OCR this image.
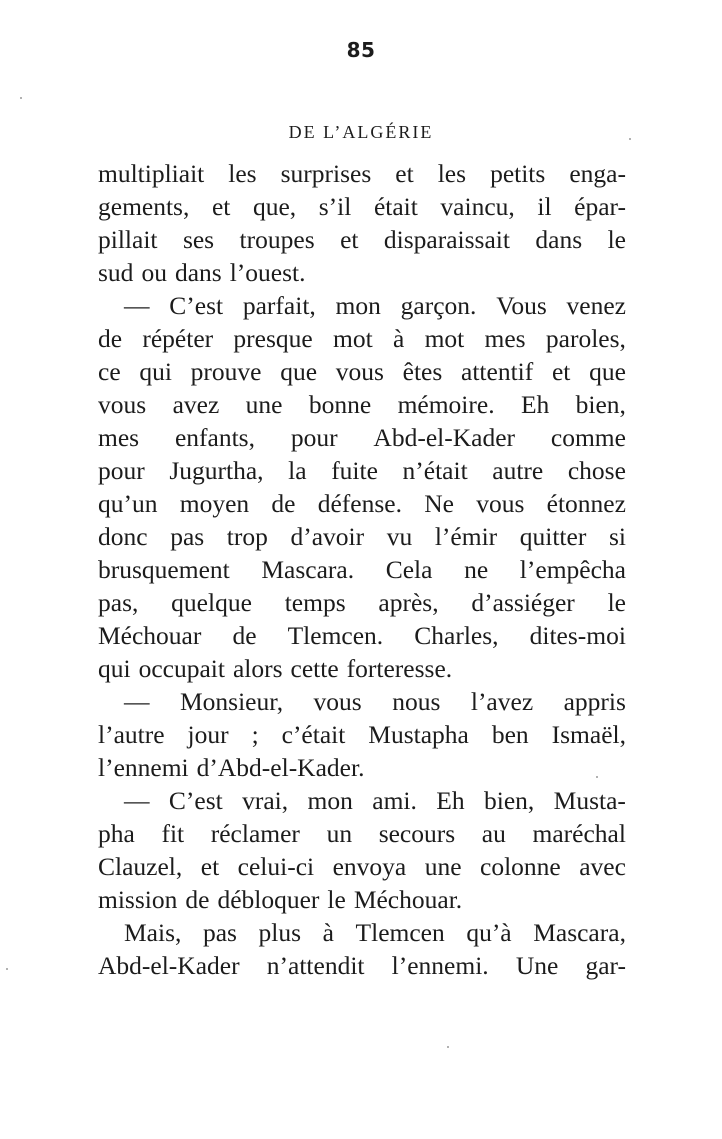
85
DE L’ALGÉRIE
multipliait les surprises et les petits enga-
gements, et que, s’il était vaincu, il épar-
pillait ses troupes et disparaissait dans le
sud ou dans l’ouest.
— C’est parfait, mon garçon. Vous venez
de répéter presque mot à mot mes paroles,
ce qui prouve que vous êtes attentif et que
vous avez une bonne mémoire. Eh bien,
mes enfants, pour Abd-el-Kader comme
pour Jugurtha, la fuite n’était autre chose
qu’un moyen de défense. Ne vous étonnez
donc pas trop d’avoir vu l’émir quitter si
brusquement Mascara. Cela ne l’empêcha
pas, quelque temps après, d’assiéger le
Méchouar de Tlemcen. Charles, dites-moi
qui occupait alors cette forteresse.
— Monsieur, vous nous l’avez appris
l’autre jour ; c’était Mustapha ben Ismaël,
l’ennemi d’Abd-el-Kader.
— C’est vrai, mon ami. Eh bien, Musta-
pha fit réclamer un secours au maréchal
Clauzel, et celui-ci envoya une colonne avec
mission de débloquer le Méchouar.
Mais, pas plus à Tlemcen qu’à Mascara,
Abd-el-Kader n’attendit l’ennemi. Une gar-
